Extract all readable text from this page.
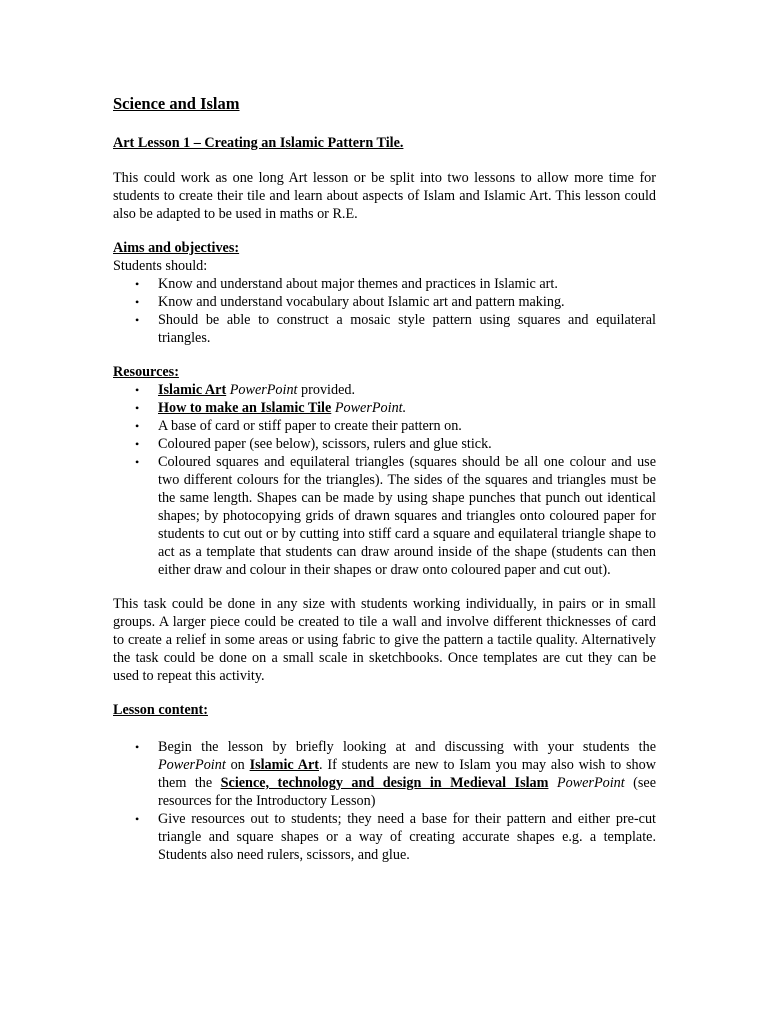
Science and Islam

Art Lesson 1 – Creating an Islamic Pattern Tile.

This could work as one long Art lesson or be split into two lessons to allow more time for students to create their tile and learn about aspects of Islam and Islamic Art. This lesson could also be adapted to be used in maths or R.E.

Aims and objectives:

Students should:

• Know and understand about major themes and practices in Islamic art.
• Know and understand vocabulary about Islamic art and pattern making.
• Should be able to construct a mosaic style pattern using squares and equilateral triangles.

Resources:

• Islamic Art PowerPoint provided.
• How to make an Islamic Tile PowerPoint.
• A base of card or stiff paper to create their pattern on.
• Coloured paper (see below), scissors, rulers and glue stick.
• Coloured squares and equilateral triangles (squares should be all one colour and use two different colours for the triangles). The sides of the squares and triangles must be the same length. Shapes can be made by using shape punches that punch out identical shapes; by photocopying grids of drawn squares and triangles onto coloured paper for students to cut out or by cutting into stiff card a square and equilateral triangle shape to act as a template that students can draw around inside of the shape (students can then either draw and colour in their shapes or draw onto coloured paper and cut out).

This task could be done in any size with students working individually, in pairs or in small groups. A larger piece could be created to tile a wall and involve different thicknesses of card to create a relief in some areas or using fabric to give the pattern a tactile quality. Alternatively the task could be done on a small scale in sketchbooks. Once templates are cut they can be used to repeat this activity.

Lesson content:

• Begin the lesson by briefly looking at and discussing with your students the PowerPoint on Islamic Art. If students are new to Islam you may also wish to show them the Science, technology and design in Medieval Islam PowerPoint (see resources for the Introductory Lesson)
• Give resources out to students; they need a base for their pattern and either pre-cut triangle and square shapes or a way of creating accurate shapes e.g. a template. Students also need rulers, scissors, and glue.
